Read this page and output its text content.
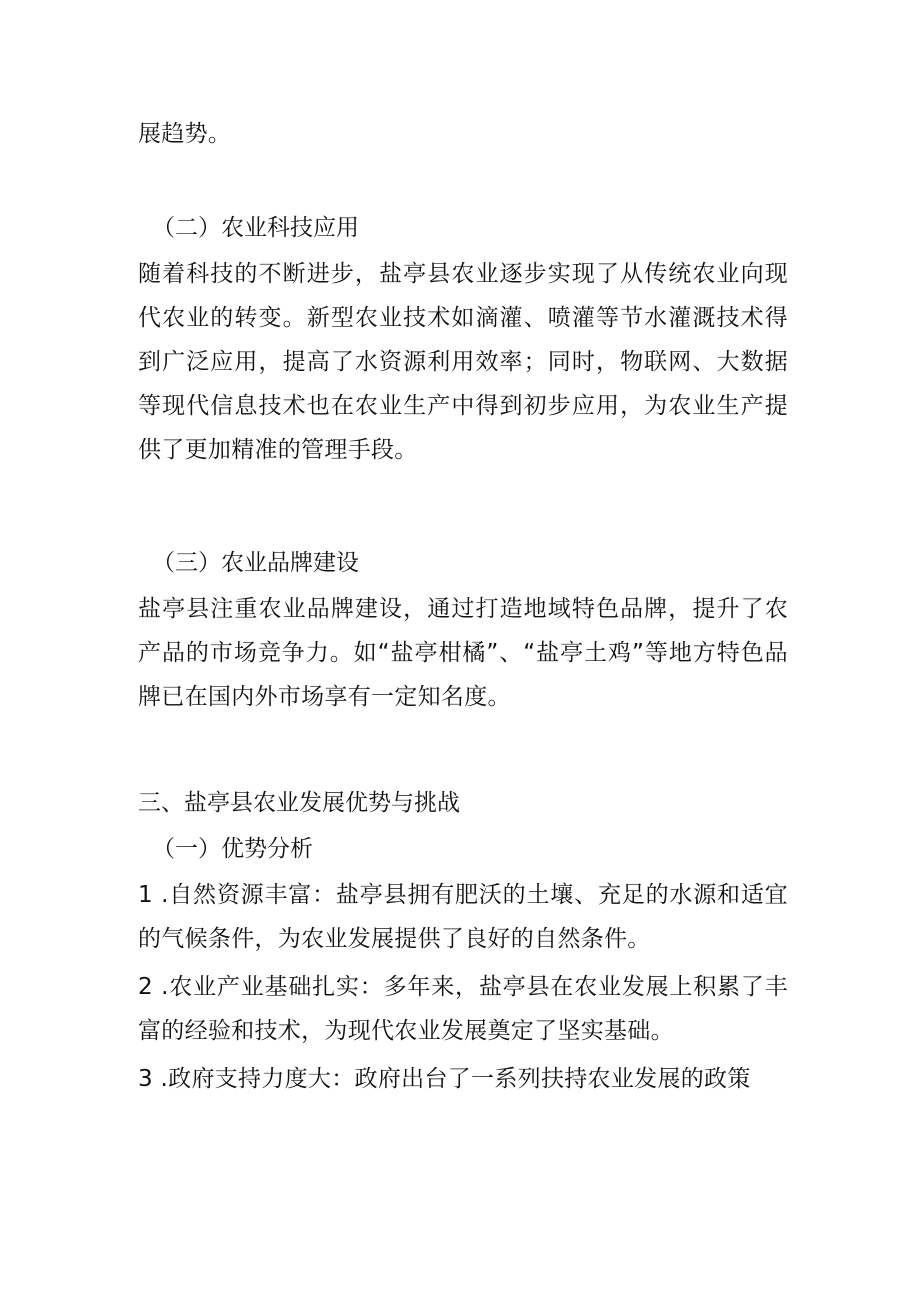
展趋势。

（二）农业科技应用

随着科技的不断进步，盐亭县农业逐步实现了从传统农业向现代农业的转变。新型农业技术如滴灌、喷灌等节水灌溉技术得到广泛应用，提高了水资源利用效率；同时，物联网、大数据等现代信息技术也在农业生产中得到初步应用，为农业生产提供了更加精准的管理手段。

（三）农业品牌建设

盐亭县注重农业品牌建设，通过打造地域特色品牌，提升了农产品的市场竞争力。如“盐亭柑橘”、“盐亭土鸡”等地方特色品牌已在国内外市场享有一定知名度。

三、盐亭县农业发展优势与挑战

（一）优势分析

1 .自然资源丰富：盐亭县拥有肥沃的土壤、充足的水源和适宜的气候条件，为农业发展提供了良好的自然条件。

2 .农业产业基础扎实：多年来，盐亭县在农业发展上积累了丰富的经验和技术，为现代农业发展奠定了坚实基础。

3 .政府支持力度大：政府出台了一系列扶持农业发展的政策
